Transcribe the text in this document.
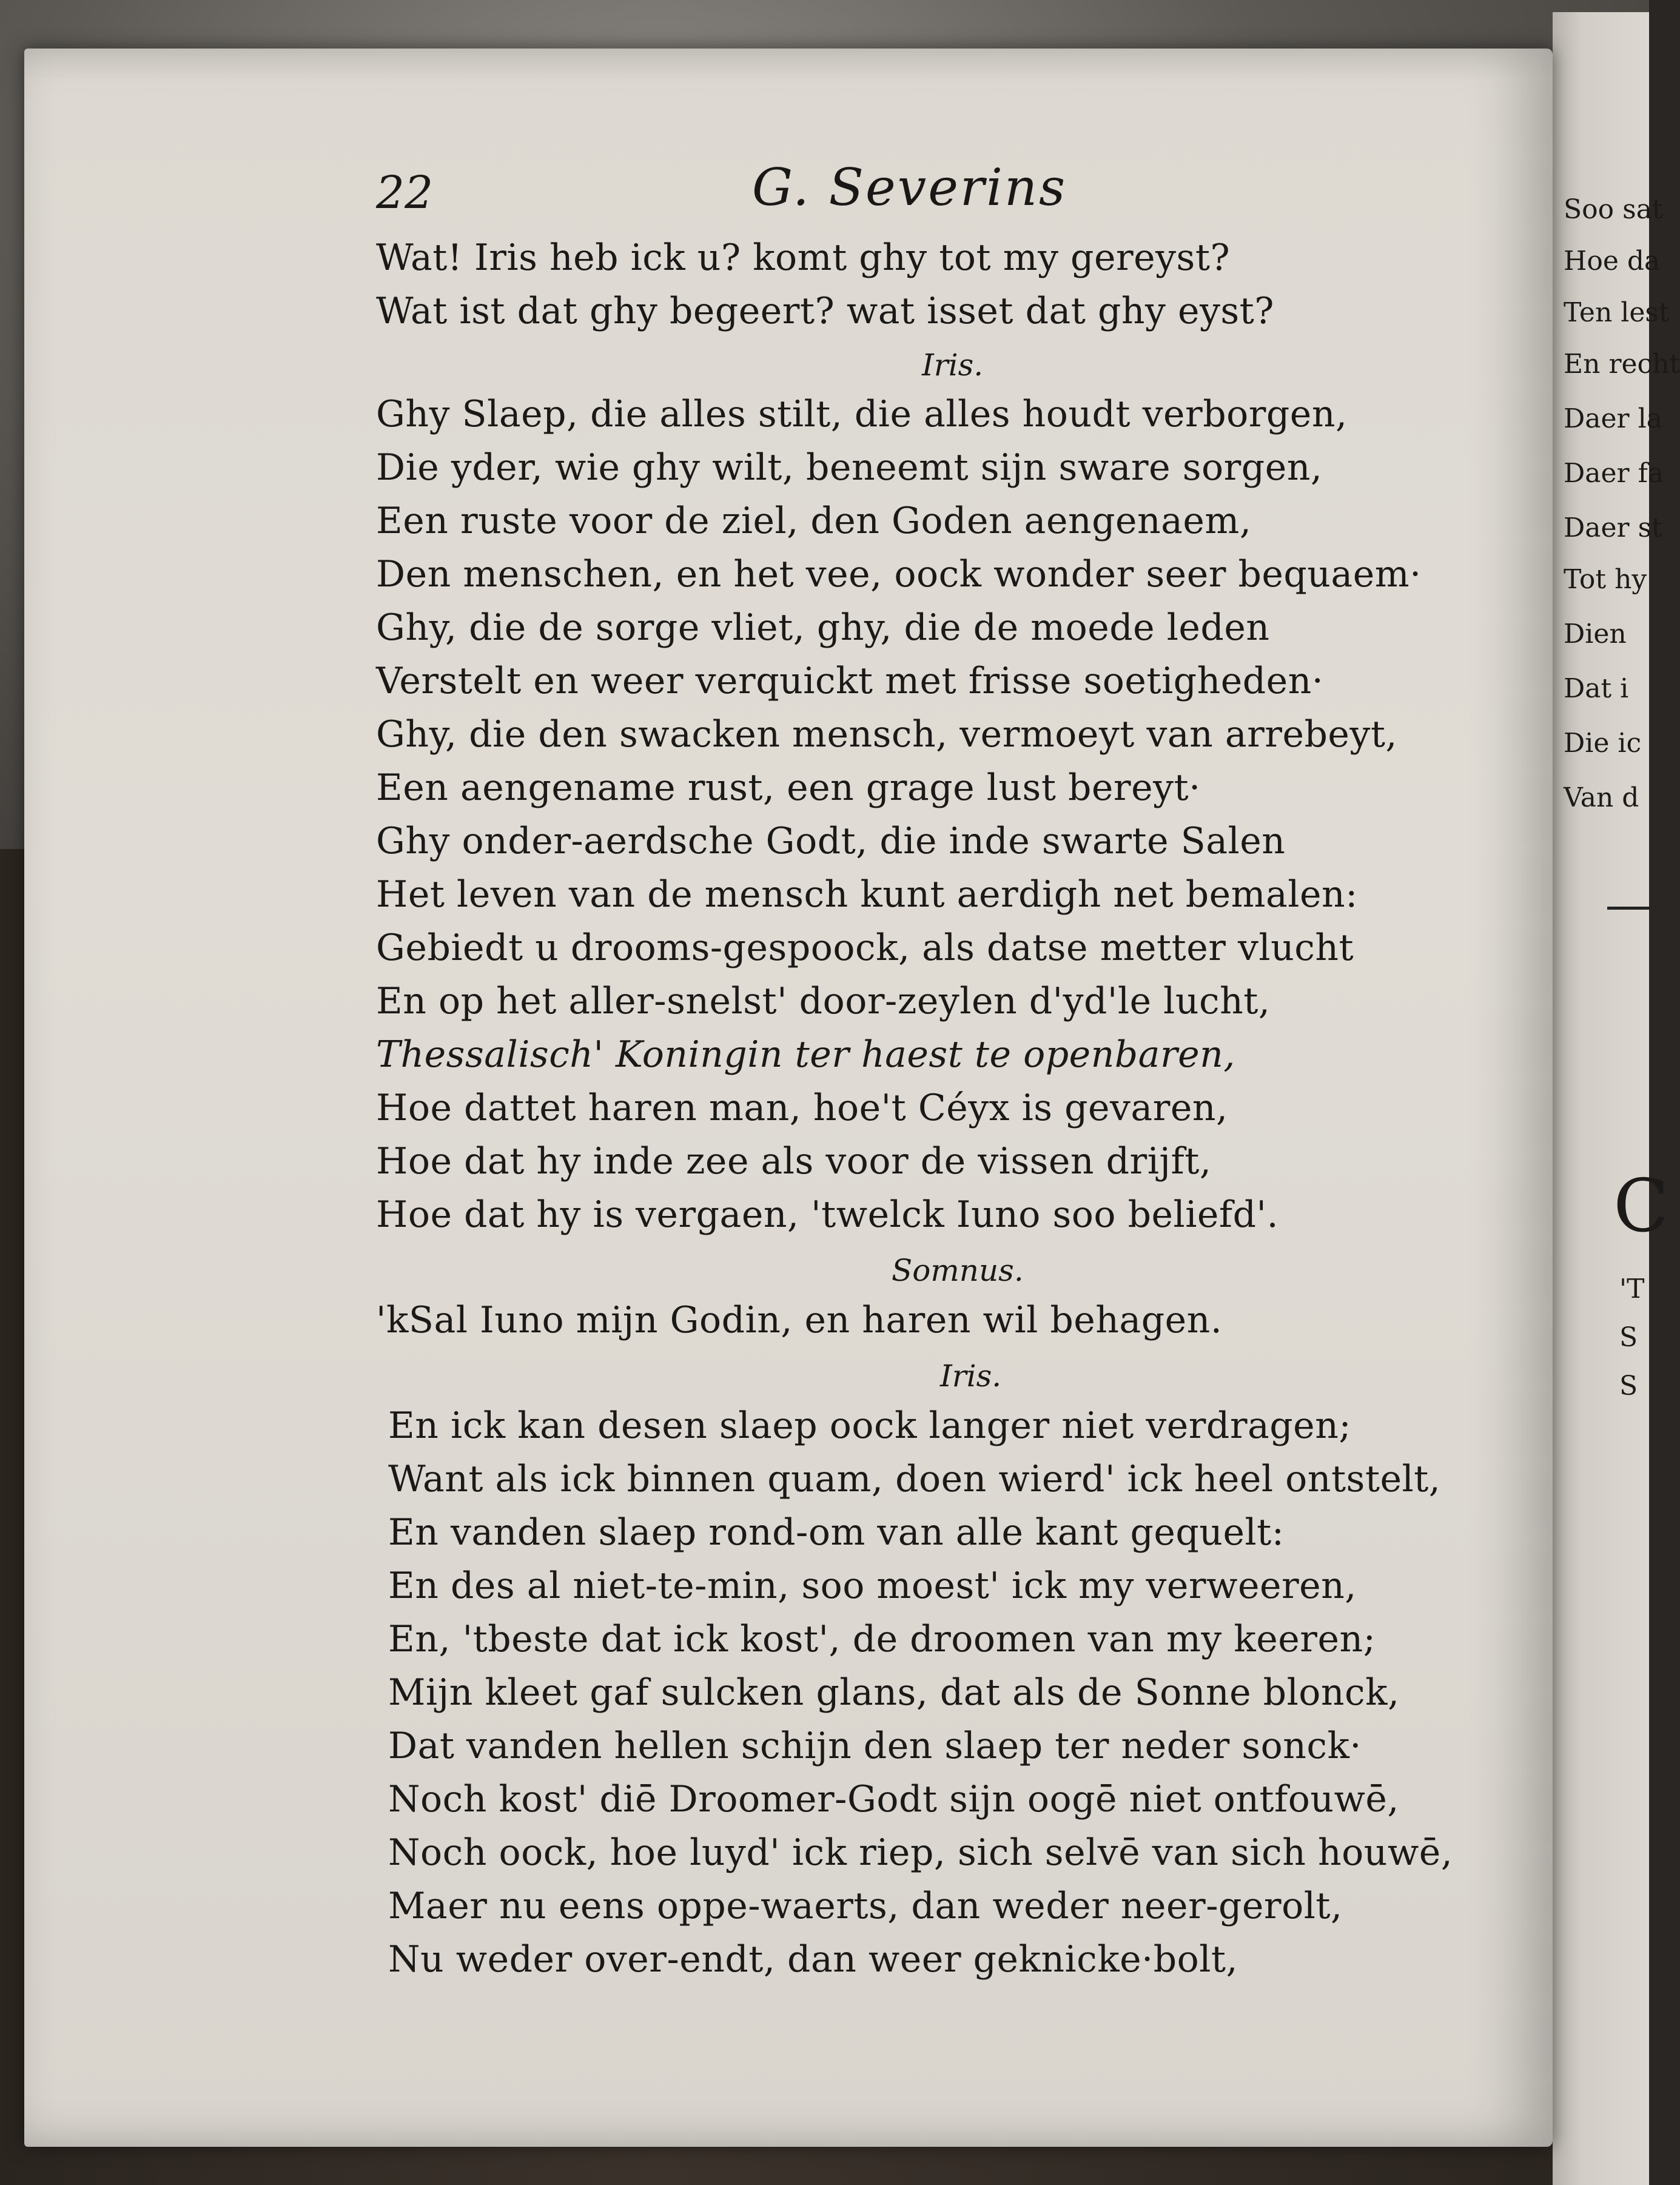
Soo sat
Hoe da
Ten lest
En recht
Daer la
Daer fa
Daer st
Tot hy
Dien
Dat i
Die ic
Van d
C
'T
S
S
22	G. Severins
Wat! Iris heb ick u? komt ghy tot my gereyst?
Wat ist dat ghy begeert? wat isset dat ghy eyst?
Iris.
Ghy Slaep, die alles stilt, die alles houdt verborgen,
Die yder, wie ghy wilt, beneemt sijn sware sorgen,
Een ruste voor de ziel, den Goden aengenaem,
Den menschen, en het vee, oock wonder seer bequaem·
Ghy, die de sorge vliet, ghy, die de moede leden
Verstelt en weer verquickt met frisse soetigheden·
Ghy, die den swacken mensch, vermoeyt van arrebeyt,
Een aengename rust, een grage lust bereyt·
Ghy onder-aerdsche Godt, die inde swarte Salen
Het leven van de mensch kunt aerdigh net bemalen:
Gebiedt u drooms-gespoock, als datse metter vlucht
En op het aller-snelst' door-zeylen d'yd'le lucht,
Thessalisch' Koningin ter haest te openbaren,
Hoe dattet haren man, hoe't Céyx is gevaren,
Hoe dat hy inde zee als voor de vissen drijft,
Hoe dat hy is vergaen, 'twelck Iuno soo beliefd'.
Somnus.
'kSal Iuno mijn Godin, en haren wil behagen.
Iris.
En ick kan desen slaep oock langer niet verdragen;
Want als ick binnen quam, doen wierd' ick heel ontstelt,
En vanden slaep rond-om van alle kant gequelt:
En des al niet-te-min, soo moest' ick my verweeren,
En, 'tbeste dat ick kost', de droomen van my keeren;
Mijn kleet gaf sulcken glans, dat als de Sonne blonck,
Dat vanden hellen schijn den slaep ter neder sonck·
Noch kost' diē Droomer-Godt sijn oogē niet ontfouwē,
Noch oock, hoe luyd' ick riep, sich selvē van sich houwē,
Maer nu eens oppe-waerts, dan weder neer-gerolt,
Nu weder over-endt, dan weer geknicke·bolt,
